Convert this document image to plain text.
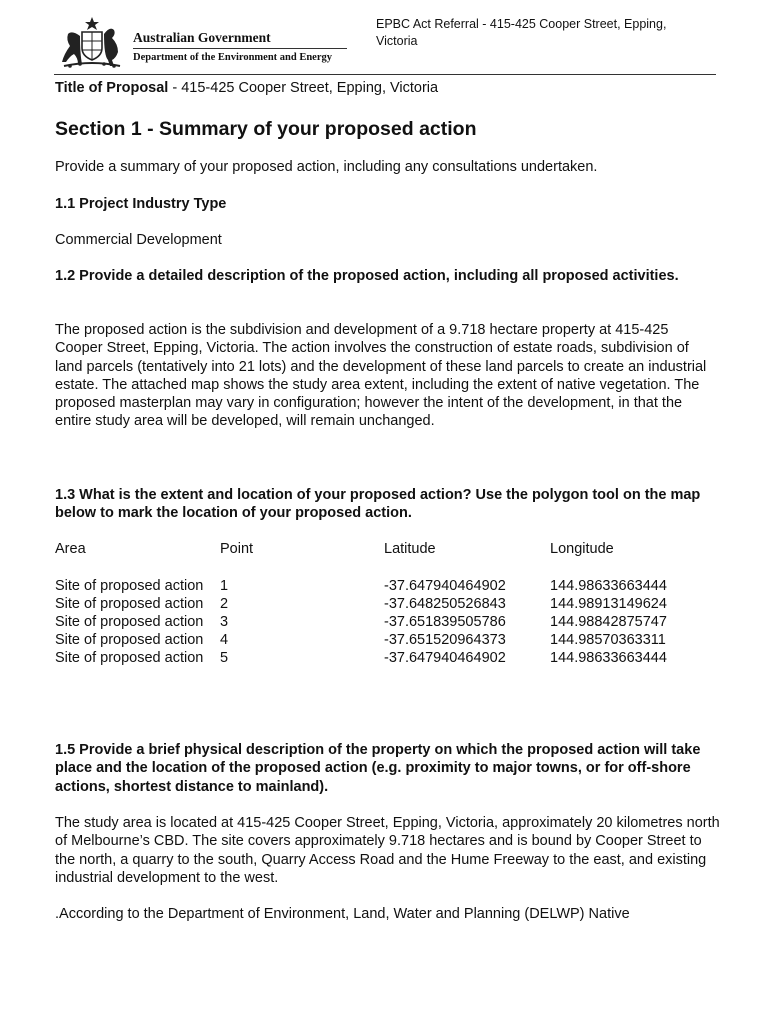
Australian Government
Department of the Environment and Energy
EPBC Act Referral - 415-425 Cooper Street, Epping, Victoria
Title of Proposal - 415-425 Cooper Street, Epping, Victoria
Section 1 - Summary of your proposed action
Provide a summary of your proposed action, including any consultations undertaken.
1.1 Project Industry Type
Commercial Development
1.2 Provide a detailed description of the proposed action, including all proposed activities.
The proposed action is the subdivision and development of a 9.718 hectare property at 415-425 Cooper Street, Epping, Victoria. The action involves the construction of estate roads, subdivision of land parcels (tentatively into 21 lots) and the development of these land parcels to create an industrial estate. The attached map shows the study area extent, including the extent of native vegetation. The proposed masterplan may vary in configuration; however the intent of the development, in that the entire study area will be developed, will remain unchanged.
1.3 What is the extent and location of your proposed action? Use the polygon tool on the map below to mark the location of your proposed action.
Area	Point	Latitude	Longitude
Site of proposed action 1	-37.647940464902	144.98633663444
Site of proposed action 2	-37.648250526843	144.98913149624
Site of proposed action 3	-37.651839505786	144.98842875747
Site of proposed action 4	-37.651520964373	144.98570363311
Site of proposed action 5	-37.647940464902	144.98633663444
1.5 Provide a brief physical description of the property on which the proposed action will take place and the location of the proposed action (e.g. proximity to major towns, or for off-shore actions, shortest distance to mainland).
The study area is located at 415-425 Cooper Street, Epping, Victoria, approximately 20 kilometres north of Melbourne’s CBD. The site covers approximately 9.718 hectares and is bound by Cooper Street to the north, a quarry to the south, Quarry Access Road and the Hume Freeway to the east, and existing industrial development to the west.
.According to the Department of Environment, Land, Water and Planning (DELWP) Native
